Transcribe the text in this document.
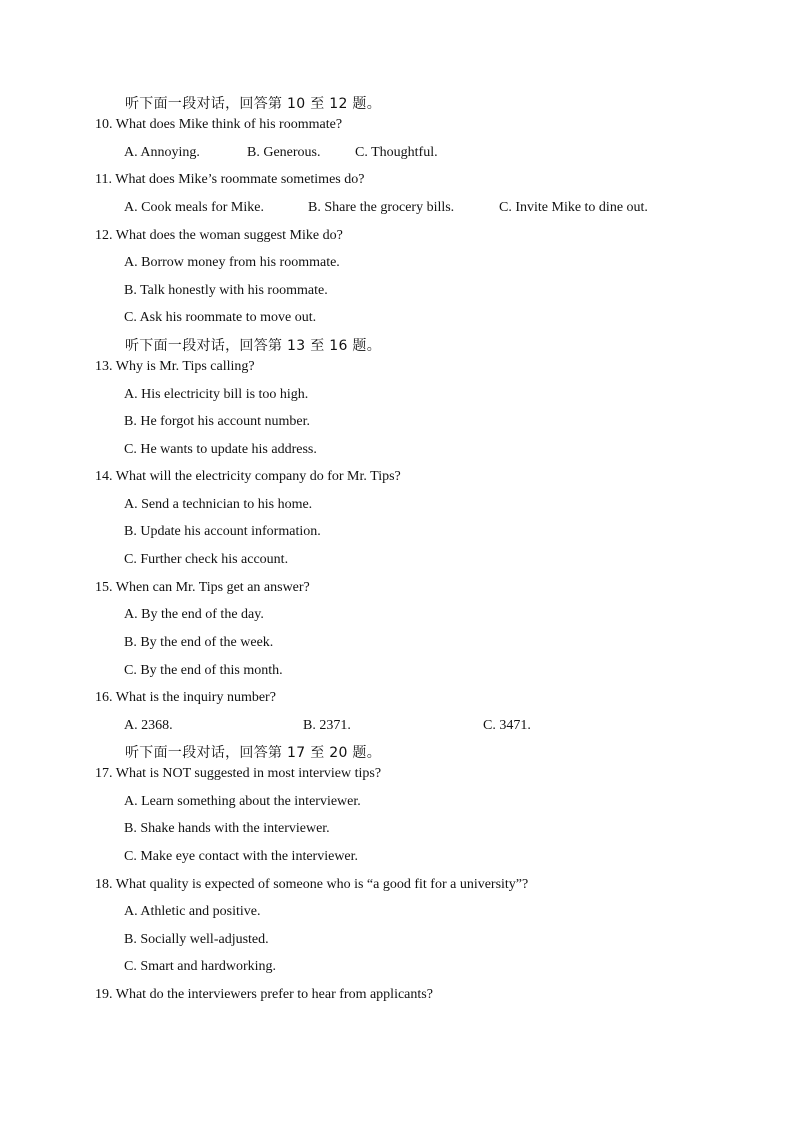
听下面一段对话，回答第 10 至 12 题。
10. What does Mike think of his roommate?
A. Annoying.	B. Generous. C. Thoughtful.
11. What does Mike’s roommate sometimes do?
A. Cook meals for Mike.	B. Share the grocery bills.	C. Invite Mike to dine out.
12. What does the woman suggest Mike do?
A. Borrow money from his roommate.
B. Talk honestly with his roommate.
C. Ask his roommate to move out.
听下面一段对话，回答第 13 至 16 题。
13. Why is Mr. Tips calling?
A. His electricity bill is too high.
B. He forgot his account number.
C. He wants to update his address.
14. What will the electricity company do for Mr. Tips?
A. Send a technician to his home.
B. Update his account information.
C. Further check his account.
15. When can Mr. Tips get an answer?
A. By the end of the day.
B. By the end of the week.
C. By the end of this month.
16. What is the inquiry number?
A. 2368.	B. 2371.	C. 3471.
听下面一段对话，回答第 17 至 20 题。
17. What is NOT suggested in most interview tips?
A. Learn something about the interviewer.
B. Shake hands with the interviewer.
C. Make eye contact with the interviewer.
18. What quality is expected of someone who is “a good fit for a university”?
A. Athletic and positive.
B. Socially well-adjusted.
C. Smart and hardworking.
19. What do the interviewers prefer to hear from applicants?
